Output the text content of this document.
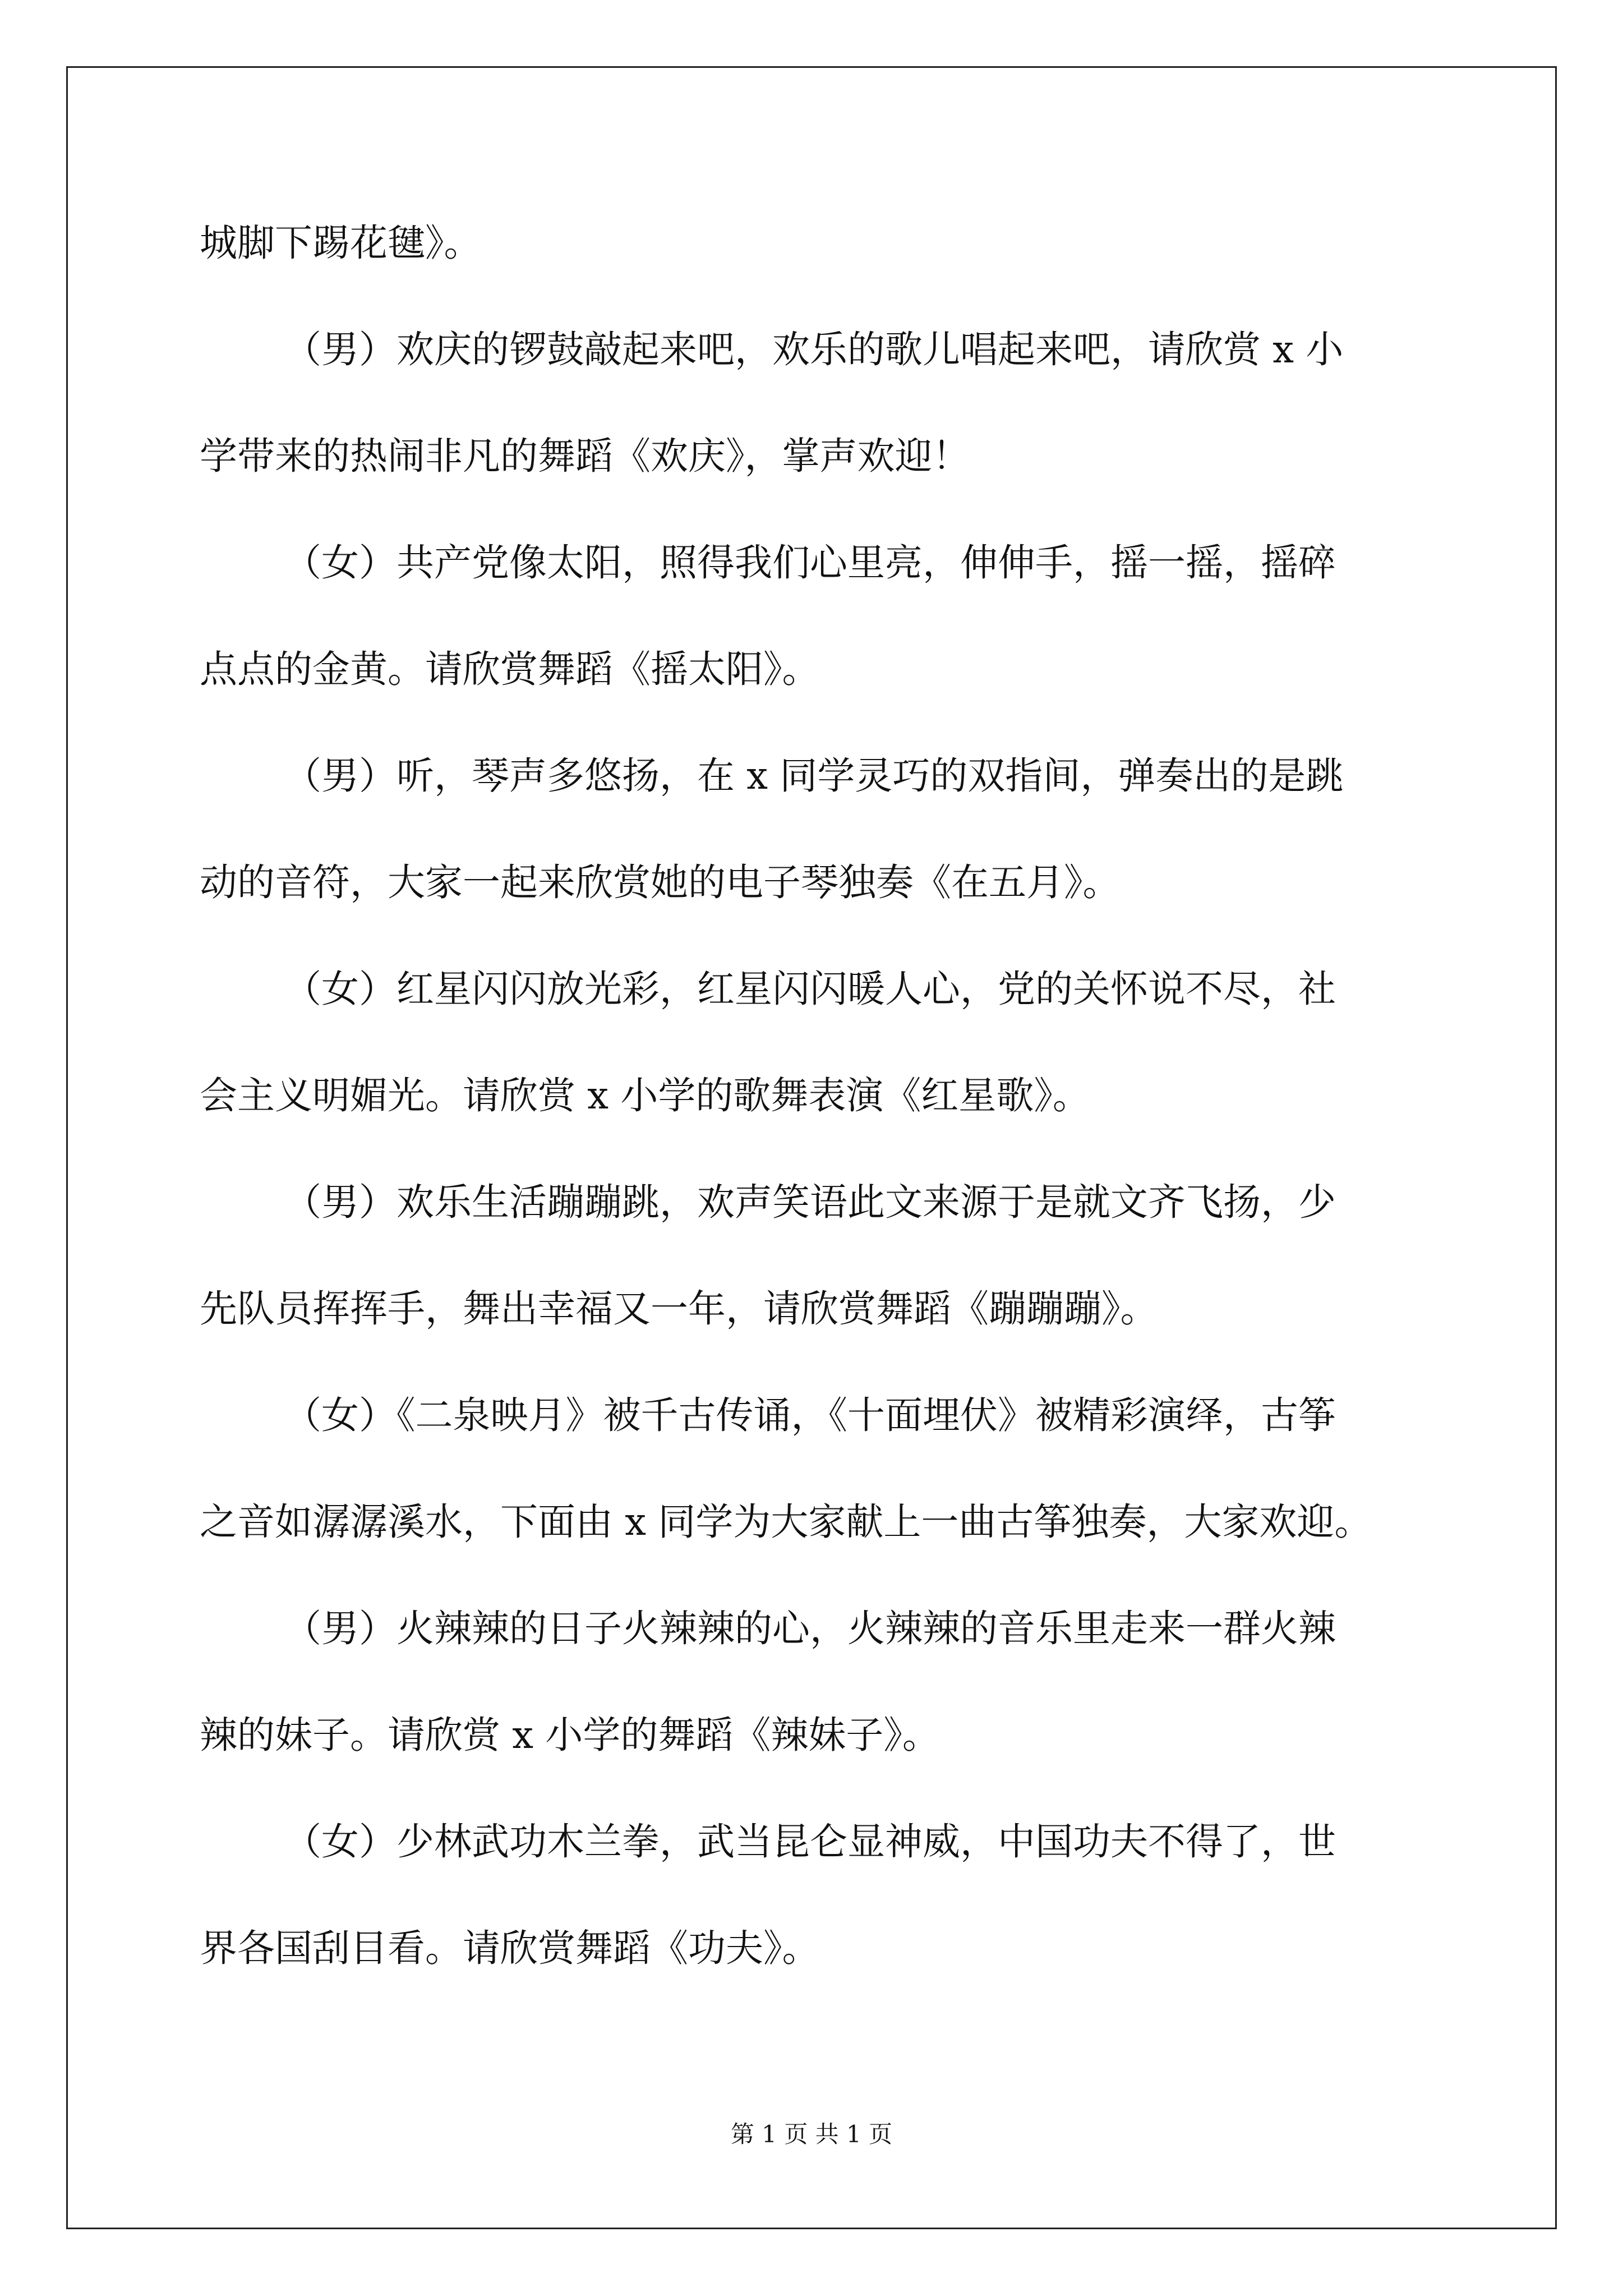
城脚下踢花毽》。
（男）欢庆的锣鼓敲起来吧，欢乐的歌儿唱起来吧，请欣赏 x 小
学带来的热闹非凡的舞蹈《欢庆》，掌声欢迎！
（女）共产党像太阳，照得我们心里亮，伸伸手，摇一摇，摇碎
点点的金黄。请欣赏舞蹈《摇太阳》。
（男）听，琴声多悠扬，在 x 同学灵巧的双指间，弹奏出的是跳
动的音符，大家一起来欣赏她的电子琴独奏《在五月》。
（女）红星闪闪放光彩，红星闪闪暖人心，党的关怀说不尽，社
会主义明媚光。请欣赏 x 小学的歌舞表演《红星歌》。
（男）欢乐生活蹦蹦跳，欢声笑语此文来源于是就文齐飞扬，少
先队员挥挥手，舞出幸福又一年，请欣赏舞蹈《蹦蹦蹦》。
（女）《二泉映月》被千古传诵，《十面埋伏》被精彩演绎，古筝
之音如潺潺溪水，下面由 x 同学为大家献上一曲古筝独奏，大家欢迎。
（男）火辣辣的日子火辣辣的心，火辣辣的音乐里走来一群火辣
辣的妹子。请欣赏 x 小学的舞蹈《辣妹子》。
（女）少林武功木兰拳，武当昆仑显神威，中国功夫不得了，世
界各国刮目看。请欣赏舞蹈《功夫》。
第 1 页 共 1 页
